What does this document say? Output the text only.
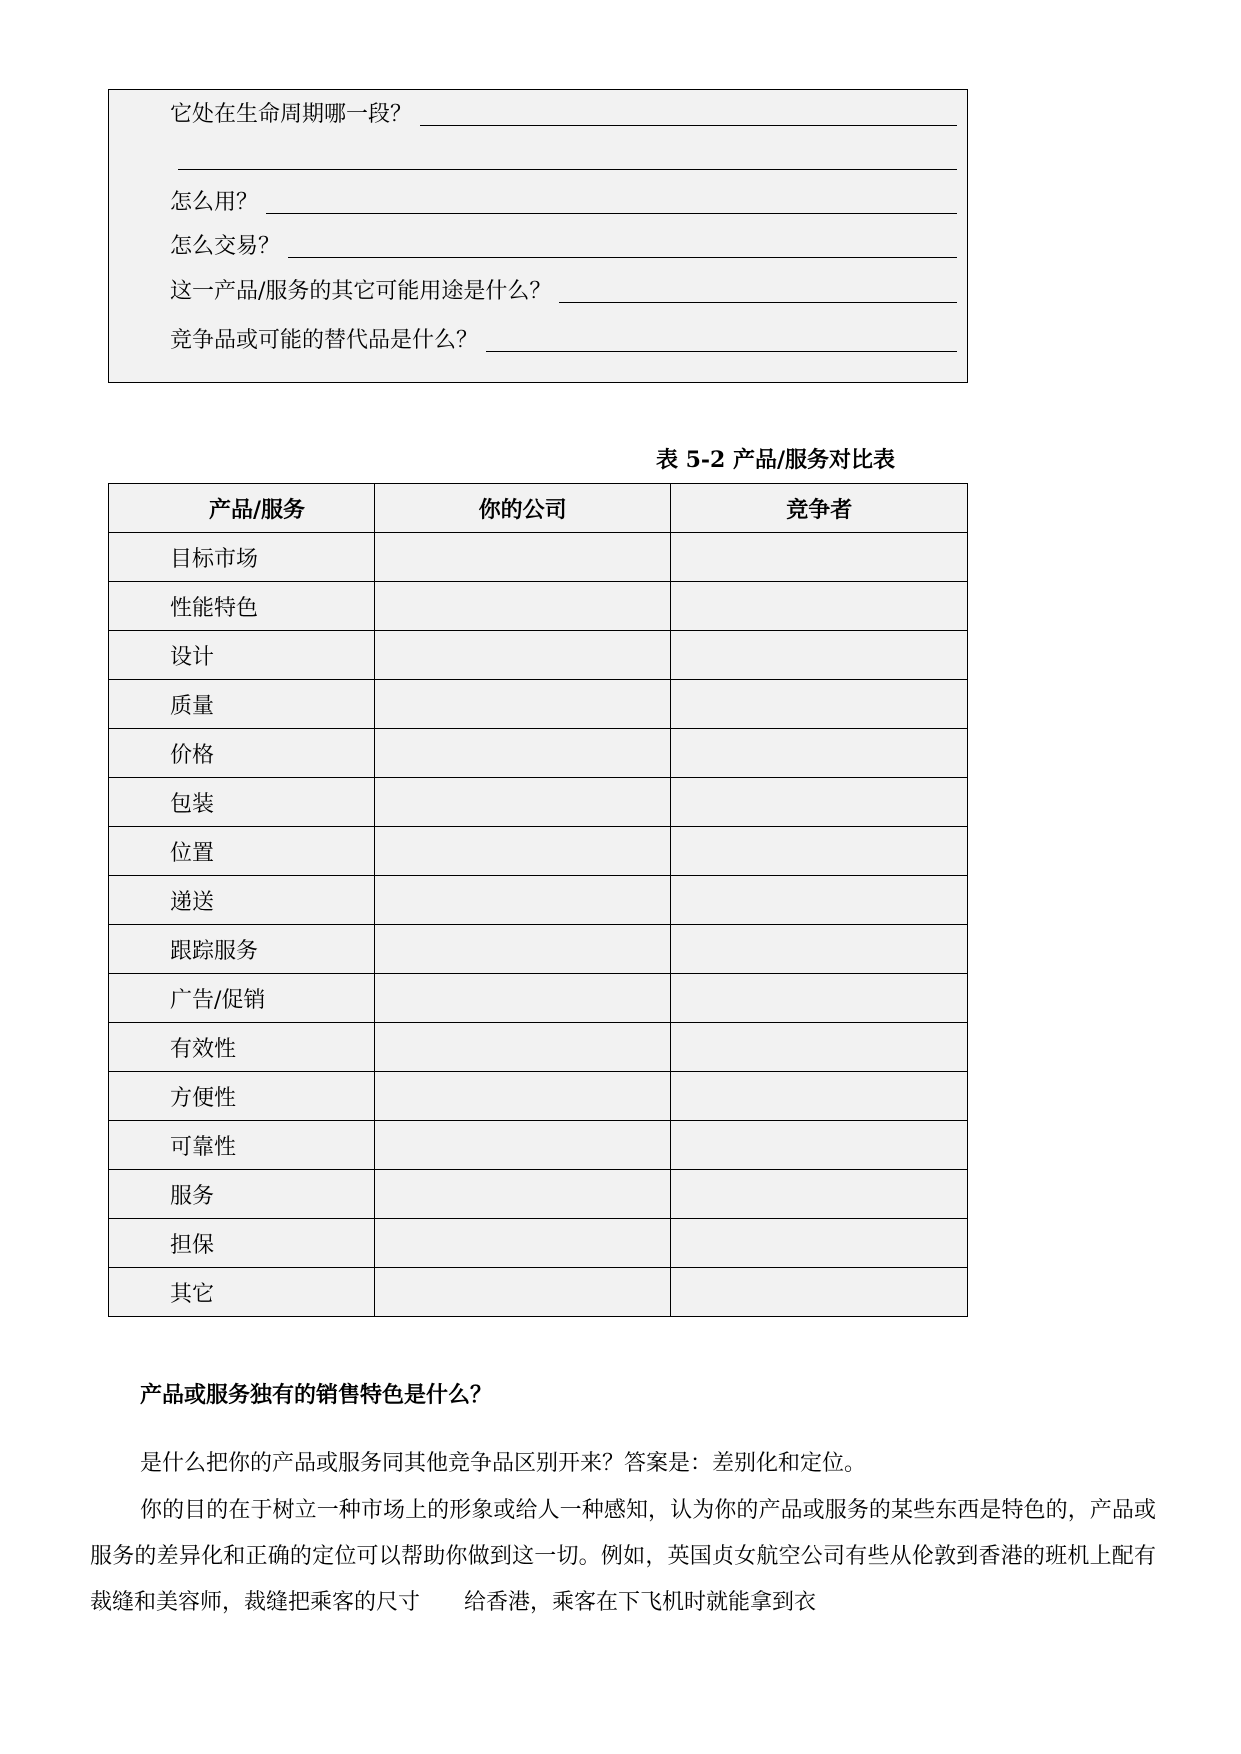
它处在生命周期哪一段？
怎么用？
怎么交易？
这一产品/服务的其它可能用途是什么？
竞争品或可能的替代品是什么？
表 5-2 产品/服务对比表
产品/服务	你的公司	竞争者
目标市场		
性能特色		
设计		
质量		
价格		
包装		
位置		
递送		
跟踪服务		
广告/促销		
有效性		
方便性		
可靠性		
服务		
担保		
其它		
产品或服务独有的销售特色是什么？
是什么把你的产品或服务同其他竞争品区别开来？答案是：差别化和定位。
你的目的在于树立一种市场上的形象或给人一种感知，认为你的产品或服务的某些东西是特色的，产品或服务的差异化和正确的定位可以帮助你做到这一切。例如，英国贞女航空公司有些从伦敦到香港的班机上配有裁缝和美容师，裁缝把乘客的尺寸　　给香港，乘客在下飞机时就能拿到衣
